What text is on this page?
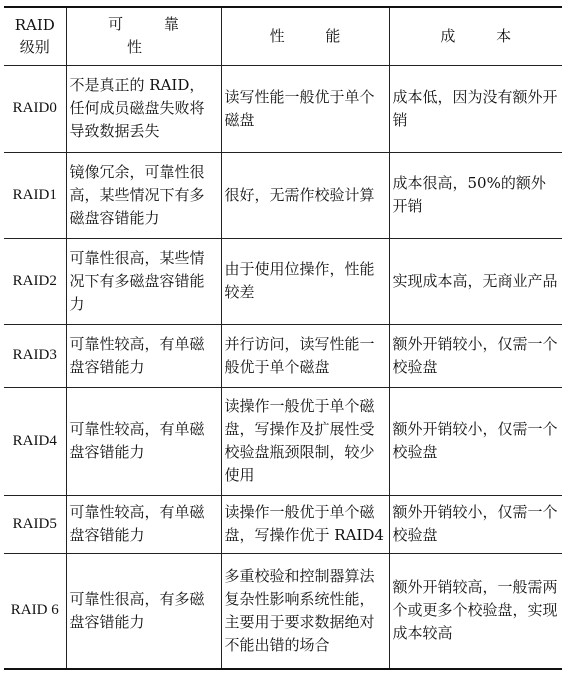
RAID 级别	可 靠 性	性 能	成 本
RAID0	不是真正的 RAID，任何成员磁盘失败将导致数据丢失	读写性能一般优于单个磁盘	成本低，因为没有额外开销
RAID1	镜像冗余，可靠性很高，某些情况下有多磁盘容错能力	很好，无需作校验计算	成本很高，50%的额外开销
RAID2	可靠性很高，某些情况下有多磁盘容错能力	由于使用位操作，性能较差	实现成本高，无商业产品
RAID3	可靠性较高，有单磁盘容错能力	并行访问，读写性能一般优于单个磁盘	额外开销较小，仅需一个校验盘
RAID4	可靠性较高，有单磁盘容错能力	读操作一般优于单个磁盘，写操作及扩展性受校验盘瓶颈限制，较少使用	额外开销较小，仅需一个校验盘
RAID5	可靠性较高，有单磁盘容错能力	读操作一般优于单个磁盘，写操作优于 RAID4	额外开销较小，仅需一个校验盘
RAID 6	可靠性很高，有多磁盘容错能力	多重校验和控制器算法复杂性影响系统性能，主要用于要求数据绝对不能出错的场合	额外开销较高，一般需两个或更多个校验盘，实现成本较高
